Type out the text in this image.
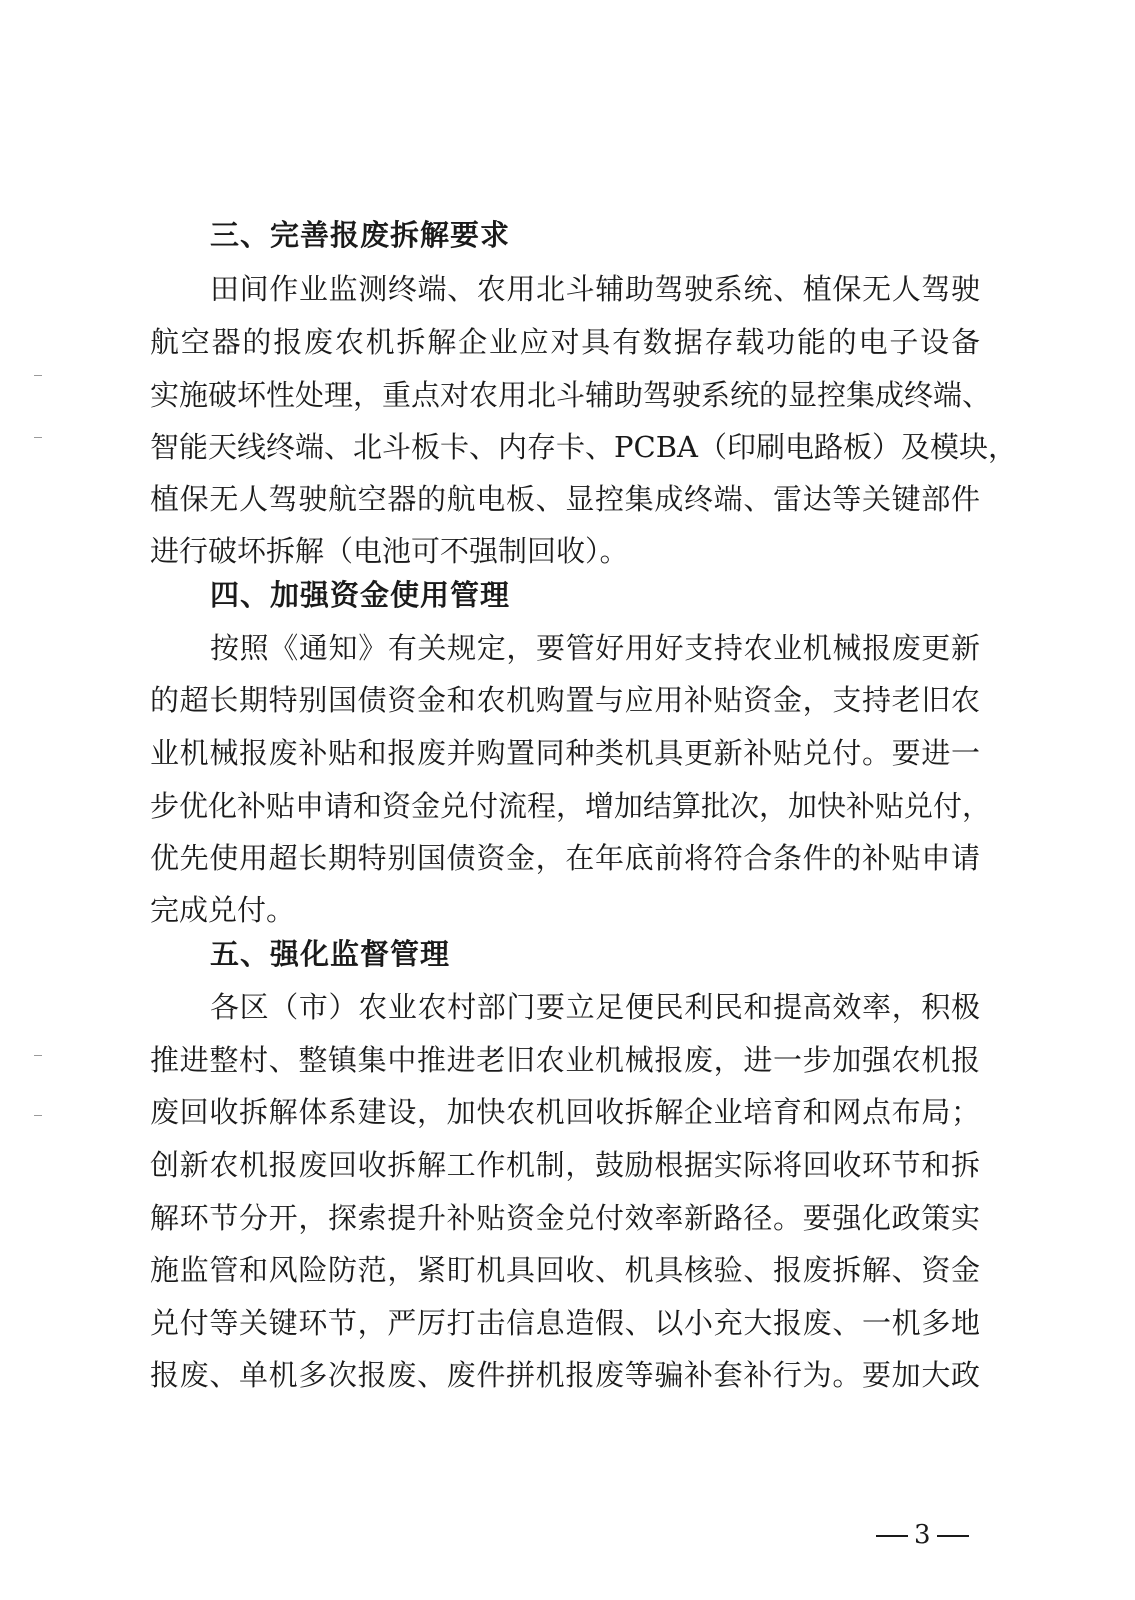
三、完善报废拆解要求
田间作业监测终端、农用北斗辅助驾驶系统、植保无人驾驶
航空器的报废农机拆解企业应对具有数据存载功能的电子设备
实施破坏性处理，重点对农用北斗辅助驾驶系统的显控集成终端、
智能天线终端、北斗板卡、内存卡、PCBA（印刷电路板）及模块，
植保无人驾驶航空器的航电板、显控集成终端、雷达等关键部件
进行破坏拆解（电池可不强制回收）。
四、加强资金使用管理
按照《通知》有关规定，要管好用好支持农业机械报废更新
的超长期特别国债资金和农机购置与应用补贴资金，支持老旧农
业机械报废补贴和报废并购置同种类机具更新补贴兑付。要进一
步优化补贴申请和资金兑付流程，增加结算批次，加快补贴兑付，
优先使用超长期特别国债资金，在年底前将符合条件的补贴申请
完成兑付。
五、强化监督管理
各区（市）农业农村部门要立足便民利民和提高效率，积极
推进整村、整镇集中推进老旧农业机械报废，进一步加强农机报
废回收拆解体系建设，加快农机回收拆解企业培育和网点布局；
创新农机报废回收拆解工作机制，鼓励根据实际将回收环节和拆
解环节分开，探索提升补贴资金兑付效率新路径。要强化政策实
施监管和风险防范，紧盯机具回收、机具核验、报废拆解、资金
兑付等关键环节，严厉打击信息造假、以小充大报废、一机多地
报废、单机多次报废、废件拼机报废等骗补套补行为。要加大政
3
